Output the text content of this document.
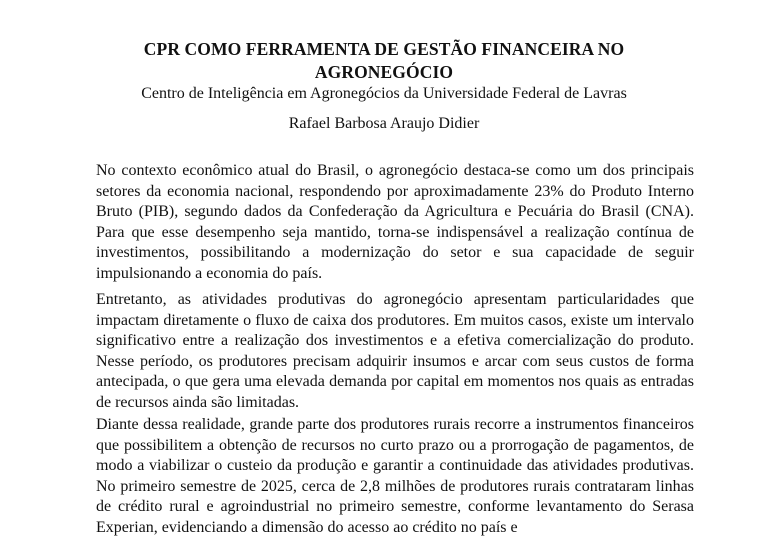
CPR COMO FERRAMENTA DE GESTÃO FINANCEIRA NO AGRONEGÓCIO

Centro de Inteligência em Agronegócios da Universidade Federal de Lavras

Rafael Barbosa Araujo Didier

No contexto econômico atual do Brasil, o agronegócio destaca-se como um dos principais setores da economia nacional, respondendo por aproximadamente 23% do Produto Interno Bruto (PIB), segundo dados da Confederação da Agricultura e Pecuária do Brasil (CNA). Para que esse desempenho seja mantido, torna-se indispensável a realização contínua de investimentos, possibilitando a modernização do setor e sua capacidade de seguir impulsionando a economia do país.

Entretanto, as atividades produtivas do agronegócio apresentam particularidades que impactam diretamente o fluxo de caixa dos produtores. Em muitos casos, existe um intervalo significativo entre a realização dos investimentos e a efetiva comercialização do produto. Nesse período, os produtores precisam adquirir insumos e arcar com seus custos de forma antecipada, o que gera uma elevada demanda por capital em momentos nos quais as entradas de recursos ainda são limitadas.

Diante dessa realidade, grande parte dos produtores rurais recorre a instrumentos financeiros que possibilitem a obtenção de recursos no curto prazo ou a prorrogação de pagamentos, de modo a viabilizar o custeio da produção e garantir a continuidade das atividades produtivas. No primeiro semestre de 2025, cerca de 2,8 milhões de produtores rurais contrataram linhas de crédito rural e agroindustrial no primeiro semestre, conforme levantamento do Serasa Experian, evidenciando a dimensão do acesso ao crédito no país e
